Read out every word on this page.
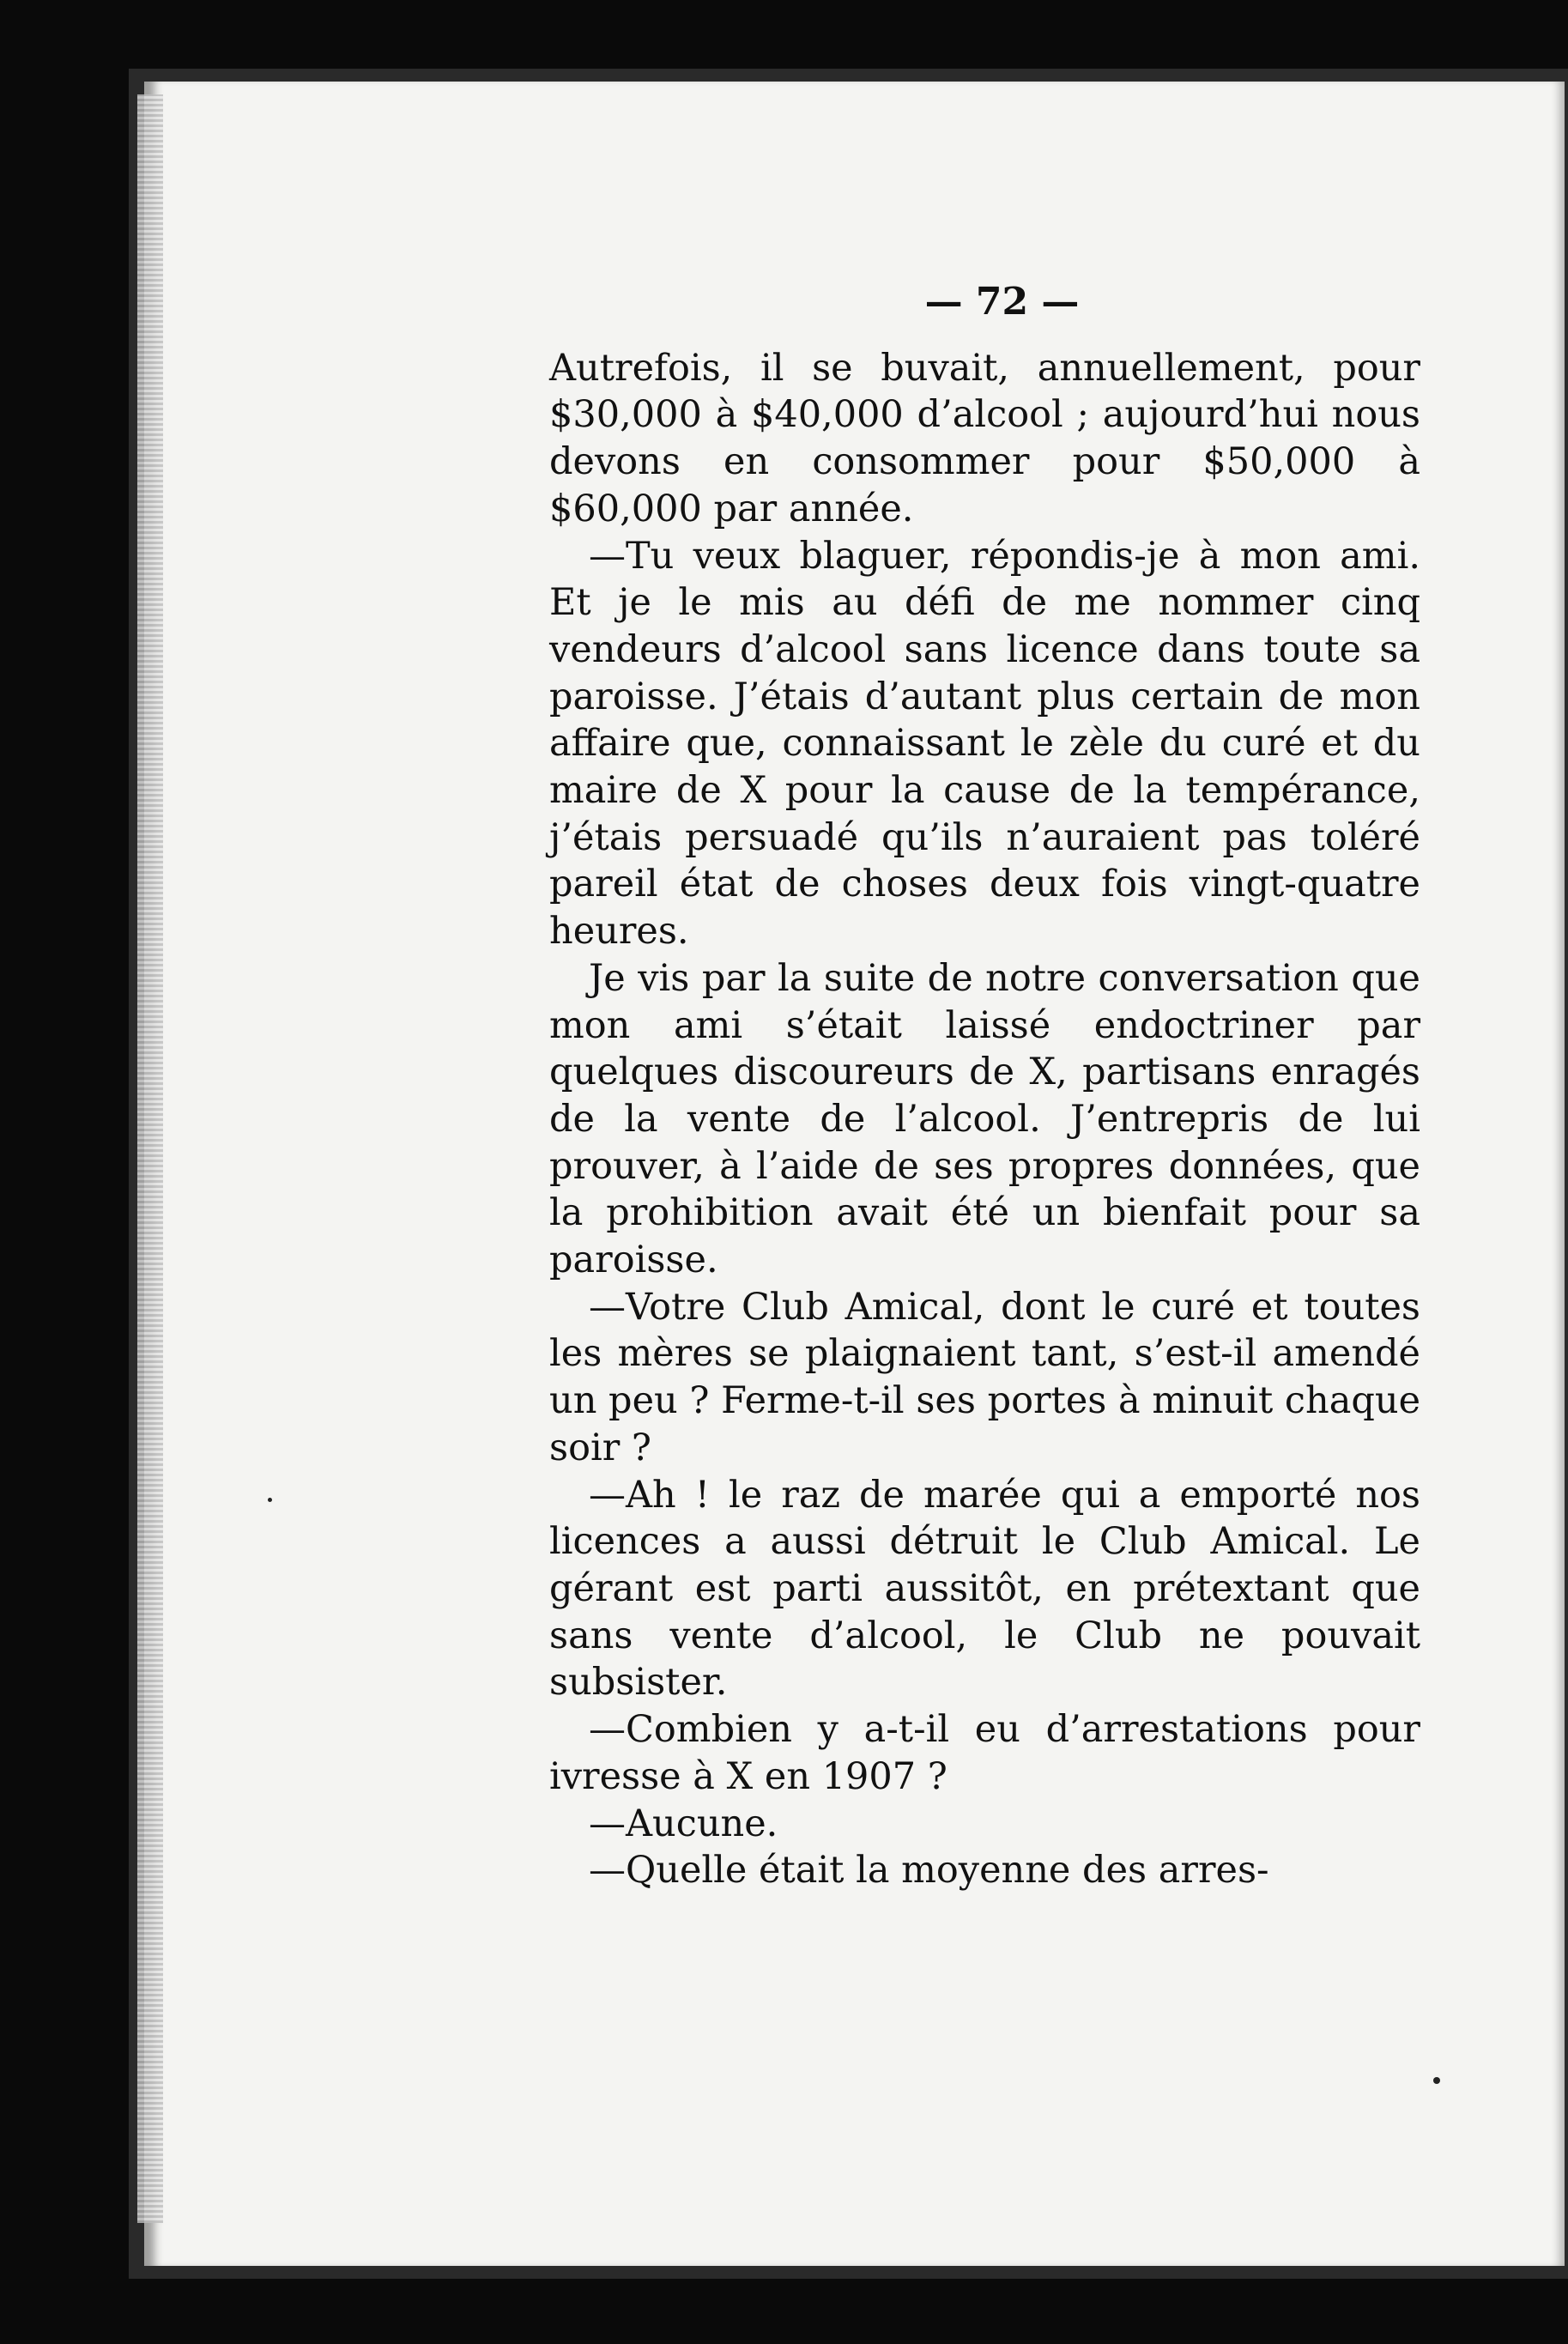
— 72 —

Autrefois, il se buvait, annuellement, pour $30,000 à $40,000 d’alcool ; aujourd’hui nous devons en consommer pour $50,000 à $60,000 par année.

—Tu veux blaguer, répondis-je à mon ami. Et je le mis au défi de me nommer cinq vendeurs d’alcool sans licence dans toute sa paroisse. J’étais d’autant plus certain de mon affaire que, connaissant le zèle du curé et du maire de X pour la cause de la tempérance, j’étais persuadé qu’ils n’auraient pas toléré pareil état de choses deux fois vingt-quatre heures.

Je vis par la suite de notre conversation que mon ami s’était laissé endoctriner par quelques discoureurs de X, partisans enragés de la vente de l’alcool. J’entrepris de lui prouver, à l’aide de ses propres données, que la prohibition avait été un bienfait pour sa paroisse.

—Votre Club Amical, dont le curé et toutes les mères se plaignaient tant, s’est-il amendé un peu ? Ferme-t-il ses portes à minuit chaque soir ?

—Ah ! le raz de marée qui a emporté nos licences a aussi détruit le Club Amical. Le gérant est parti aussitôt, en prétextant que sans vente d’alcool, le Club ne pouvait subsister.

—Combien y a-t-il eu d’arrestations pour ivresse à X en 1907 ?

—Aucune.

—Quelle était la moyenne des arres-
